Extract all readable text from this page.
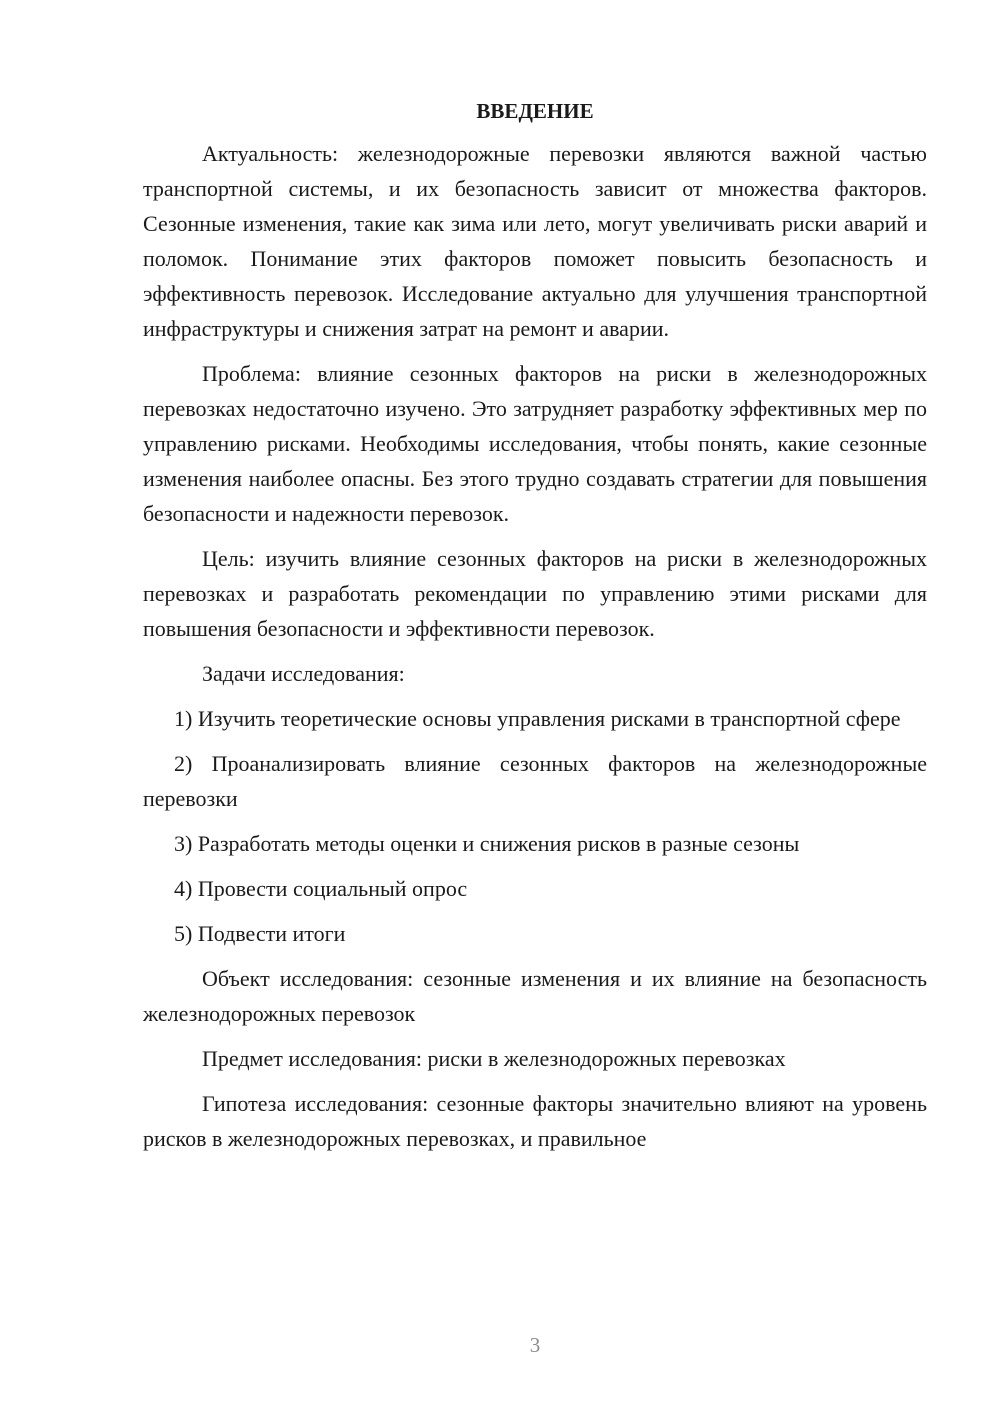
ВВЕДЕНИЕ

Актуальность: железнодорожные перевозки являются важной частью транспортной системы, и их безопасность зависит от множества факторов. Сезонные изменения, такие как зима или лето, могут увеличивать риски аварий и поломок. Понимание этих факторов поможет повысить безопасность и эффективность перевозок. Исследование актуально для улучшения транспортной инфраструктуры и снижения затрат на ремонт и аварии.

Проблема: влияние сезонных факторов на риски в железнодорожных перевозках недостаточно изучено. Это затрудняет разработку эффективных мер по управлению рисками. Необходимы исследования, чтобы понять, какие сезонные изменения наиболее опасны. Без этого трудно создавать стратегии для повышения безопасности и надежности перевозок.

Цель: изучить влияние сезонных факторов на риски в железнодорожных перевозках и разработать рекомендации по управлению этими рисками для повышения безопасности и эффективности перевозок.

Задачи исследования:

1) Изучить теоретические основы управления рисками в транспортной сфере

2) Проанализировать влияние сезонных факторов на железнодорожные перевозки

3) Разработать методы оценки и снижения рисков в разные сезоны

4) Провести социальный опрос

5) Подвести итоги

Объект исследования: сезонные изменения и их влияние на безопасность железнодорожных перевозок

Предмет исследования: риски в железнодорожных перевозках

Гипотеза исследования: сезонные факторы значительно влияют на уровень рисков в железнодорожных перевозках, и правильное

3
